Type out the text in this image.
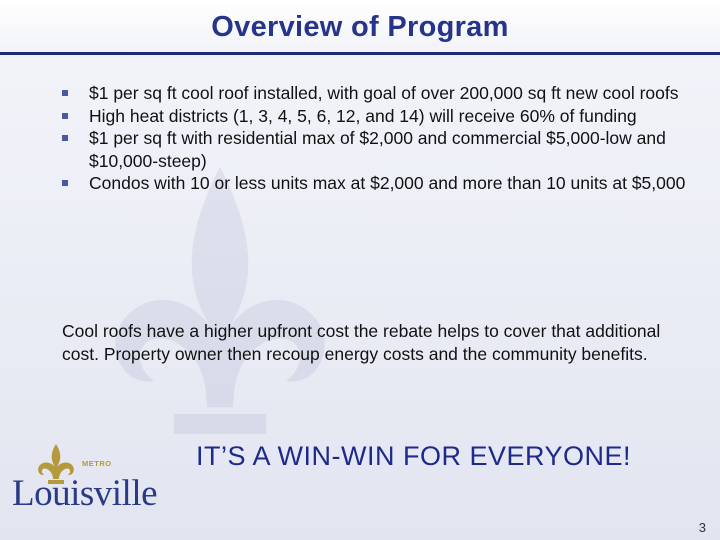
Overview of Program
$1 per sq ft cool roof installed, with goal of over 200,000 sq ft new cool roofs
High heat districts (1, 3, 4, 5, 6, 12, and 14) will receive 60% of funding
$1 per sq ft with residential max of $2,000 and commercial $5,000-low and $10,000-steep)
Condos with 10 or less units max at $2,000 and more than 10 units at $5,000

Cool roofs have a higher upfront cost the rebate helps to cover that additional cost. Property owner then recoup energy costs and the community benefits.

IT’S A WIN-WIN FOR EVERYONE!
METRO
Louisville
3
